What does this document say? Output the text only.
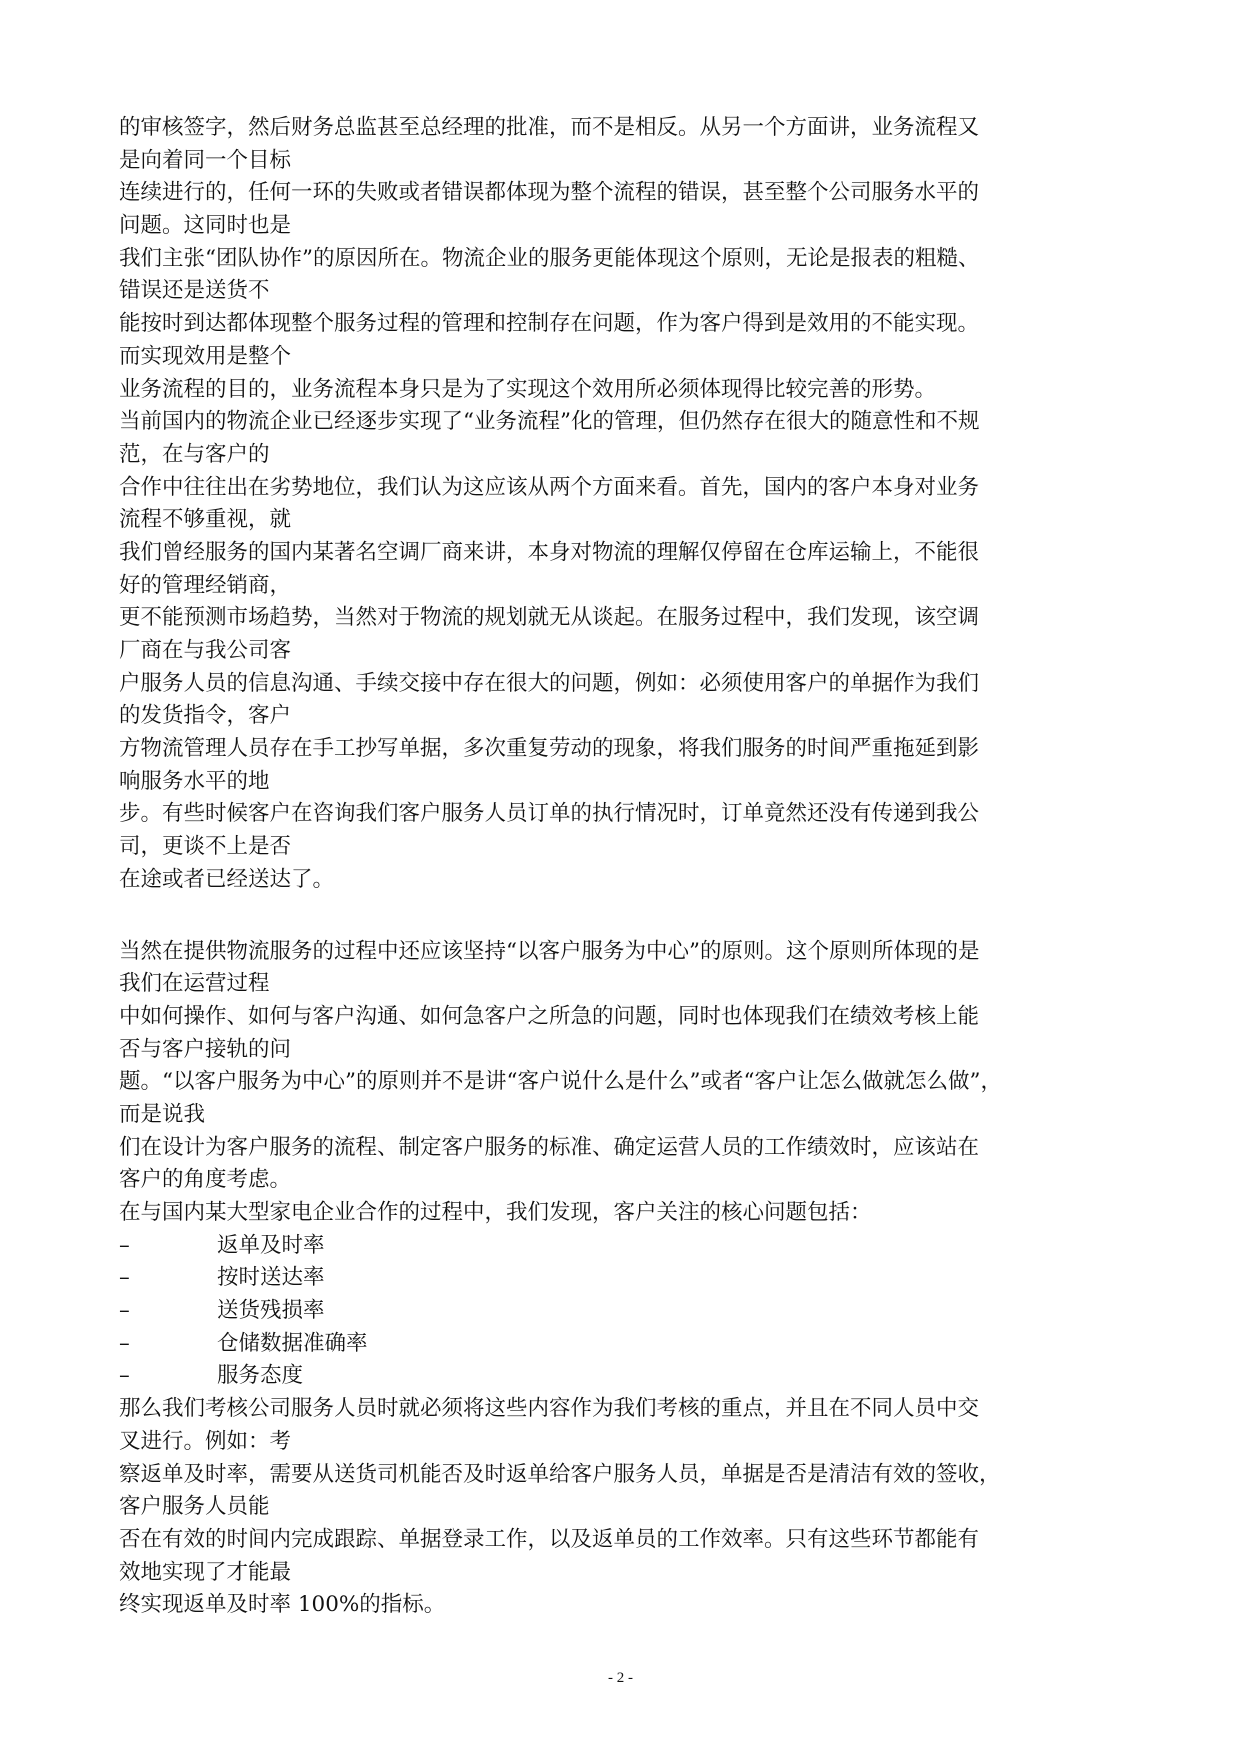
的审核签字，然后财务总监甚至总经理的批准，而不是相反。从另一个方面讲，业务流程又
是向着同一个目标
连续进行的，任何一环的失败或者错误都体现为整个流程的错误，甚至整个公司服务水平的
问题。这同时也是
我们主张“团队协作”的原因所在。物流企业的服务更能体现这个原则，无论是报表的粗糙、
错误还是送货不
能按时到达都体现整个服务过程的管理和控制存在问题，作为客户得到是效用的不能实现。
而实现效用是整个
业务流程的目的，业务流程本身只是为了实现这个效用所必须体现得比较完善的形势。
当前国内的物流企业已经逐步实现了“业务流程”化的管理，但仍然存在很大的随意性和不规
范，在与客户的
合作中往往出在劣势地位，我们认为这应该从两个方面来看。首先，国内的客户本身对业务
流程不够重视，就
我们曾经服务的国内某著名空调厂商来讲，本身对物流的理解仅停留在仓库运输上，不能很
好的管理经销商，
更不能预测市场趋势，当然对于物流的规划就无从谈起。在服务过程中，我们发现，该空调
厂商在与我公司客
户服务人员的信息沟通、手续交接中存在很大的问题，例如：必须使用客户的单据作为我们
的发货指令，客户
方物流管理人员存在手工抄写单据，多次重复劳动的现象，将我们服务的时间严重拖延到影
响服务水平的地
步。有些时候客户在咨询我们客户服务人员订单的执行情况时，订单竟然还没有传递到我公
司，更谈不上是否
在途或者已经送达了。
当然在提供物流服务的过程中还应该坚持“以客户服务为中心”的原则。这个原则所体现的是
我们在运营过程
中如何操作、如何与客户沟通、如何急客户之所急的问题，同时也体现我们在绩效考核上能
否与客户接轨的问
题。“以客户服务为中心”的原则并不是讲“客户说什么是什么”或者“客户让怎么做就怎么做”，
而是说我
们在设计为客户服务的流程、制定客户服务的标准、确定运营人员的工作绩效时，应该站在
客户的角度考虑。
在与国内某大型家电企业合作的过程中，我们发现，客户关注的核心问题包括：
–	返单及时率
–	按时送达率
–	送货残损率
–	仓储数据准确率
–	服务态度
那么我们考核公司服务人员时就必须将这些内容作为我们考核的重点，并且在不同人员中交
叉进行。例如：考
察返单及时率，需要从送货司机能否及时返单给客户服务人员，单据是否是清洁有效的签收，
客户服务人员能
否在有效的时间内完成跟踪、单据登录工作，以及返单员的工作效率。只有这些环节都能有
效地实现了才能最
终实现返单及时率 100%的指标。
- 2 -
